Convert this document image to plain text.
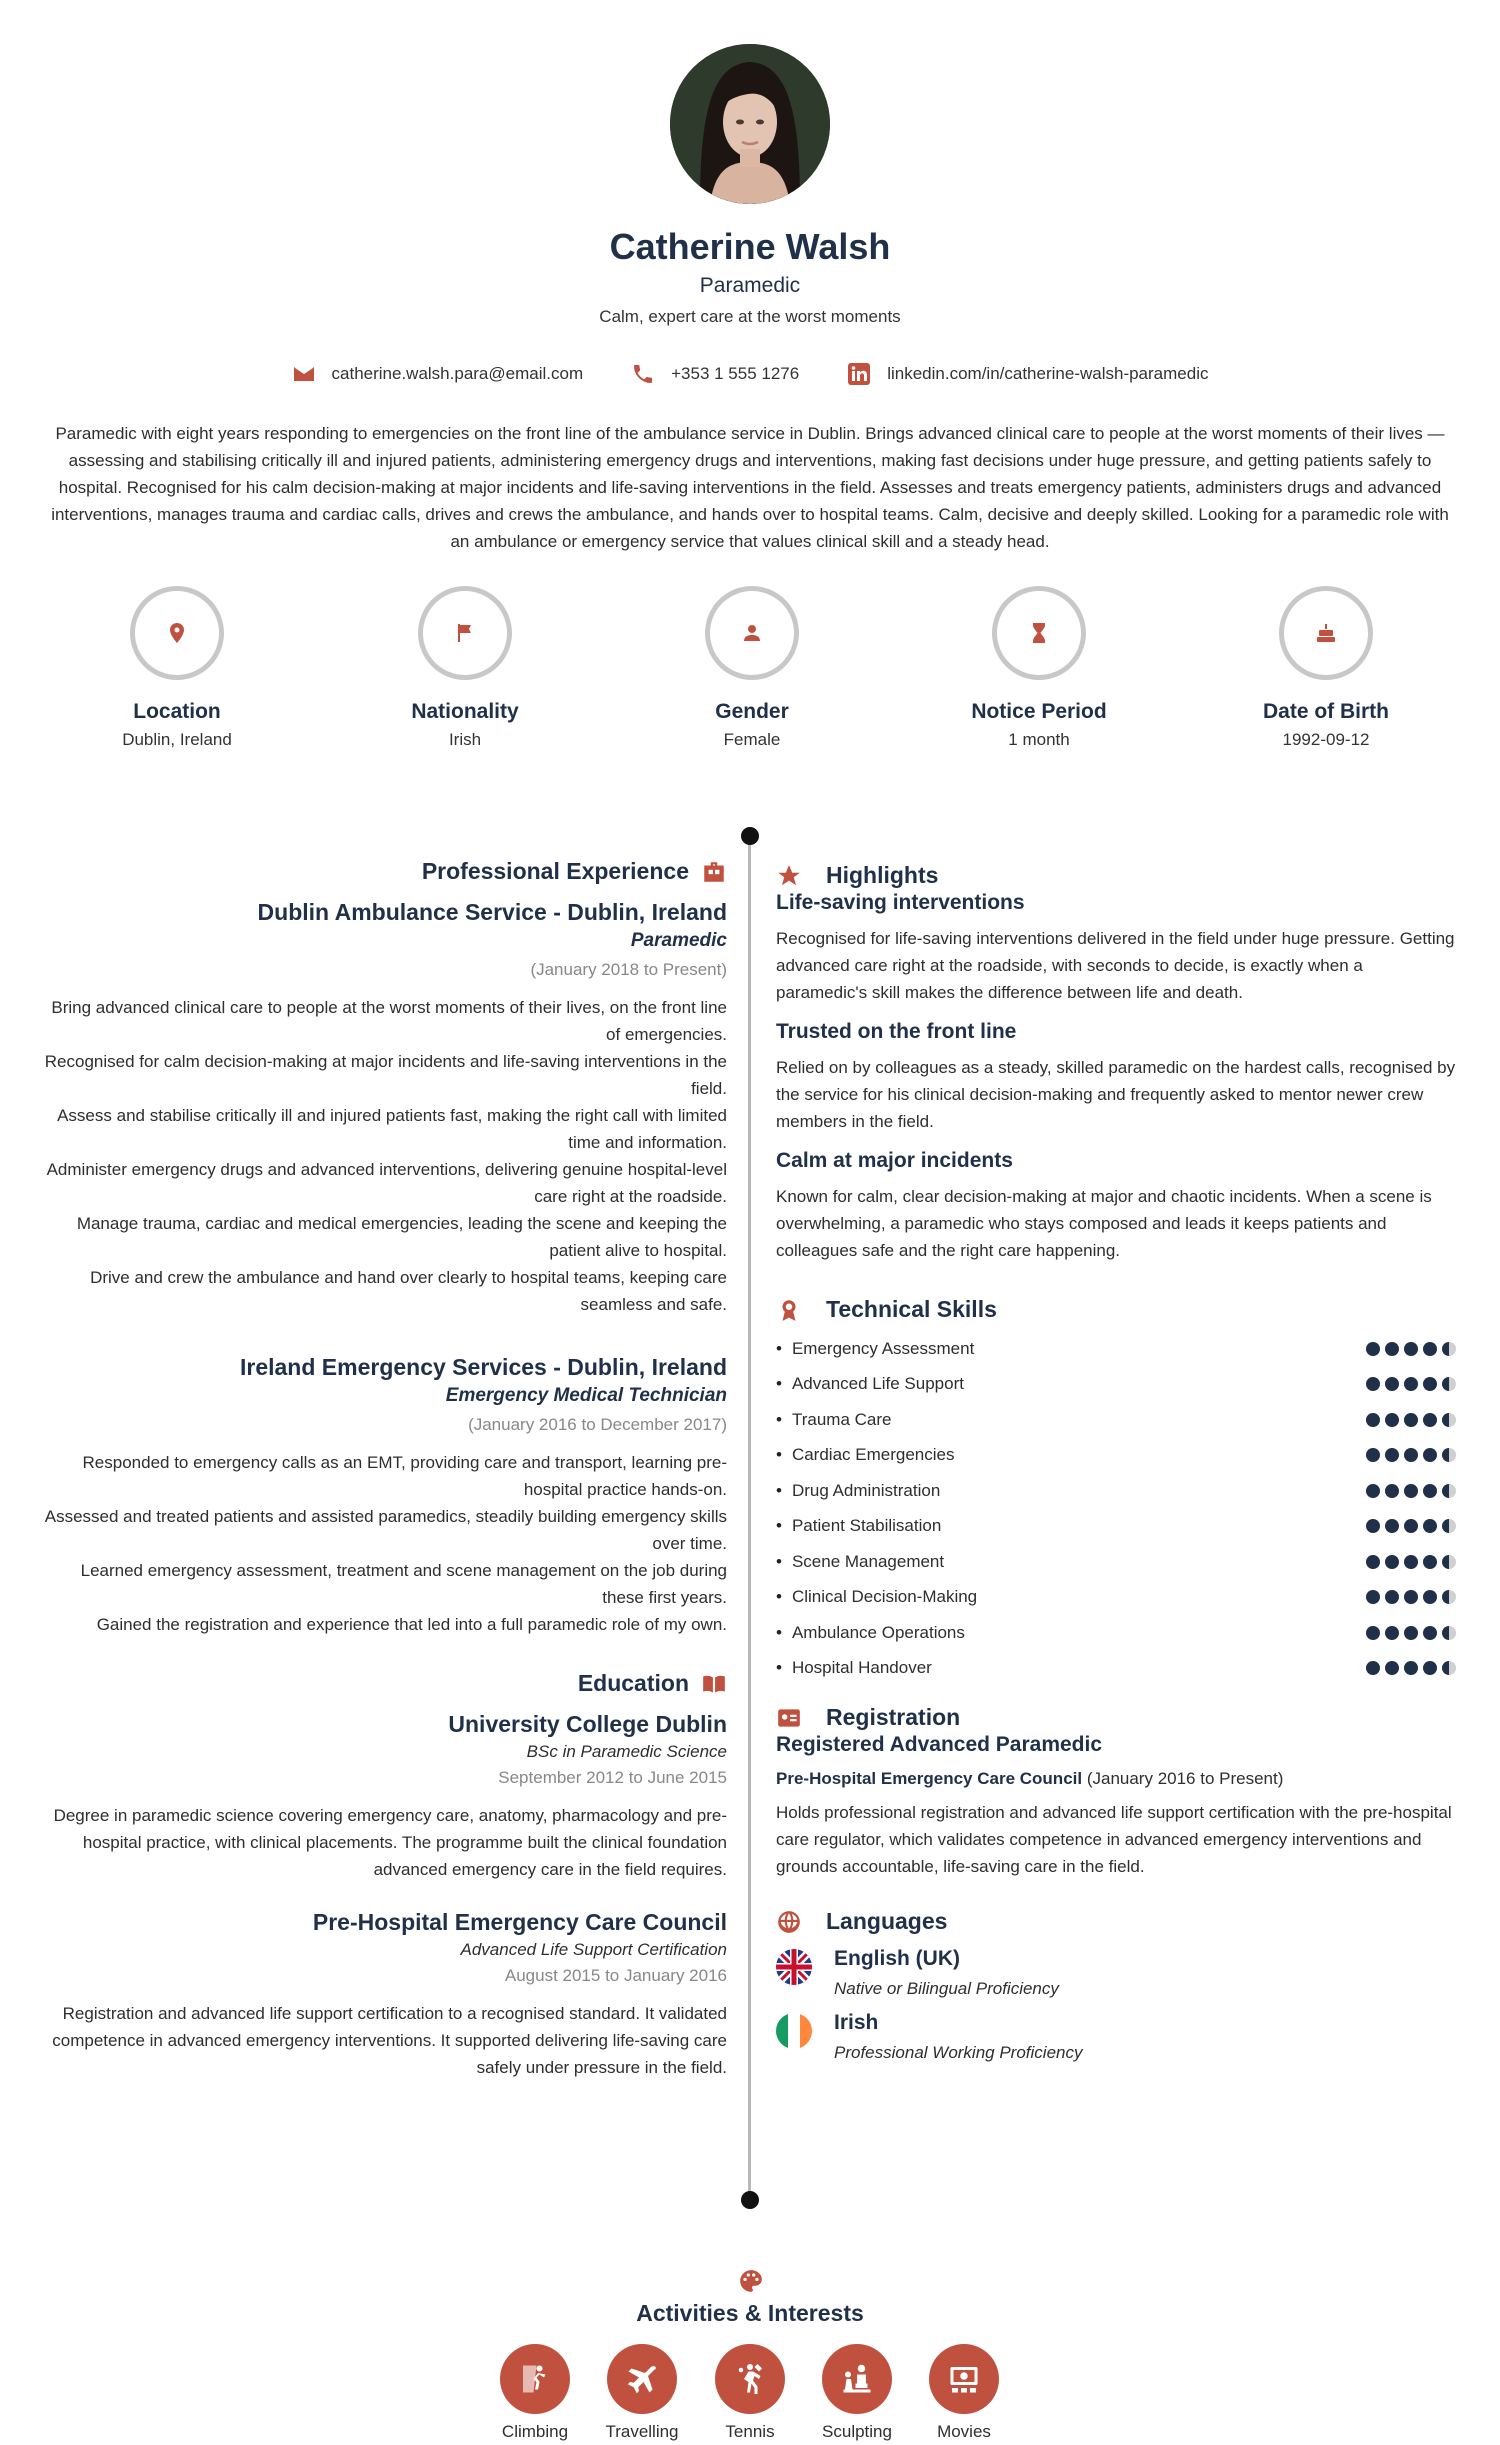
Catherine Walsh
Paramedic
Calm, expert care at the worst moments
catherine.walsh.para@email.com	+353 1 555 1276	linkedin.com/in/catherine-walsh-paramedic
Paramedic with eight years responding to emergencies on the front line of the ambulance service in Dublin. Brings advanced clinical care to people at the worst moments of their lives — assessing and stabilising critically ill and injured patients, administering emergency drugs and interventions, making fast decisions under huge pressure, and getting patients safely to hospital. Recognised for his calm decision-making at major incidents and life-saving interventions in the field. Assesses and treats emergency patients, administers drugs and advanced interventions, manages trauma and cardiac calls, drives and crews the ambulance, and hands over to hospital teams. Calm, decisive and deeply skilled. Looking for a paramedic role with an ambulance or emergency service that values clinical skill and a steady head.
Location
Dublin, Ireland
Nationality
Irish
Gender
Female
Notice Period
1 month
Date of Birth
1992-09-12
Professional Experience
Dublin Ambulance Service - Dublin, Ireland
Paramedic
(January 2018 to Present)
Bring advanced clinical care to people at the worst moments of their lives, on the front line of emergencies.
Recognised for calm decision-making at major incidents and life-saving interventions in the field.
Assess and stabilise critically ill and injured patients fast, making the right call with limited time and information.
Administer emergency drugs and advanced interventions, delivering genuine hospital-level care right at the roadside.
Manage trauma, cardiac and medical emergencies, leading the scene and keeping the patient alive to hospital.
Drive and crew the ambulance and hand over clearly to hospital teams, keeping care seamless and safe.
Ireland Emergency Services - Dublin, Ireland
Emergency Medical Technician
(January 2016 to December 2017)
Responded to emergency calls as an EMT, providing care and transport, learning pre-hospital practice hands-on.
Assessed and treated patients and assisted paramedics, steadily building emergency skills over time.
Learned emergency assessment, treatment and scene management on the job during these first years.
Gained the registration and experience that led into a full paramedic role of my own.
Education
University College Dublin
BSc in Paramedic Science
September 2012 to June 2015
Degree in paramedic science covering emergency care, anatomy, pharmacology and pre-hospital practice, with clinical placements. The programme built the clinical foundation advanced emergency care in the field requires.
Pre-Hospital Emergency Care Council
Advanced Life Support Certification
August 2015 to January 2016
Registration and advanced life support certification to a recognised standard. It validated competence in advanced emergency interventions. It supported delivering life-saving care safely under pressure in the field.
Highlights
Life-saving interventions
Recognised for life-saving interventions delivered in the field under huge pressure. Getting advanced care right at the roadside, with seconds to decide, is exactly when a paramedic's skill makes the difference between life and death.
Trusted on the front line
Relied on by colleagues as a steady, skilled paramedic on the hardest calls, recognised by the service for his clinical decision-making and frequently asked to mentor newer crew members in the field.
Calm at major incidents
Known for calm, clear decision-making at major and chaotic incidents. When a scene is overwhelming, a paramedic who stays composed and leads it keeps patients and colleagues safe and the right care happening.
Technical Skills
• Emergency Assessment
• Advanced Life Support
• Trauma Care
• Cardiac Emergencies
• Drug Administration
• Patient Stabilisation
• Scene Management
• Clinical Decision-Making
• Ambulance Operations
• Hospital Handover
Registration
Registered Advanced Paramedic
Pre-Hospital Emergency Care Council (January 2016 to Present)
Holds professional registration and advanced life support certification with the pre-hospital care regulator, which validates competence in advanced emergency interventions and grounds accountable, life-saving care in the field.
Languages
English (UK)
Native or Bilingual Proficiency
Irish
Professional Working Proficiency
Activities & Interests
Climbing	Travelling	Tennis	Sculpting	Movies
